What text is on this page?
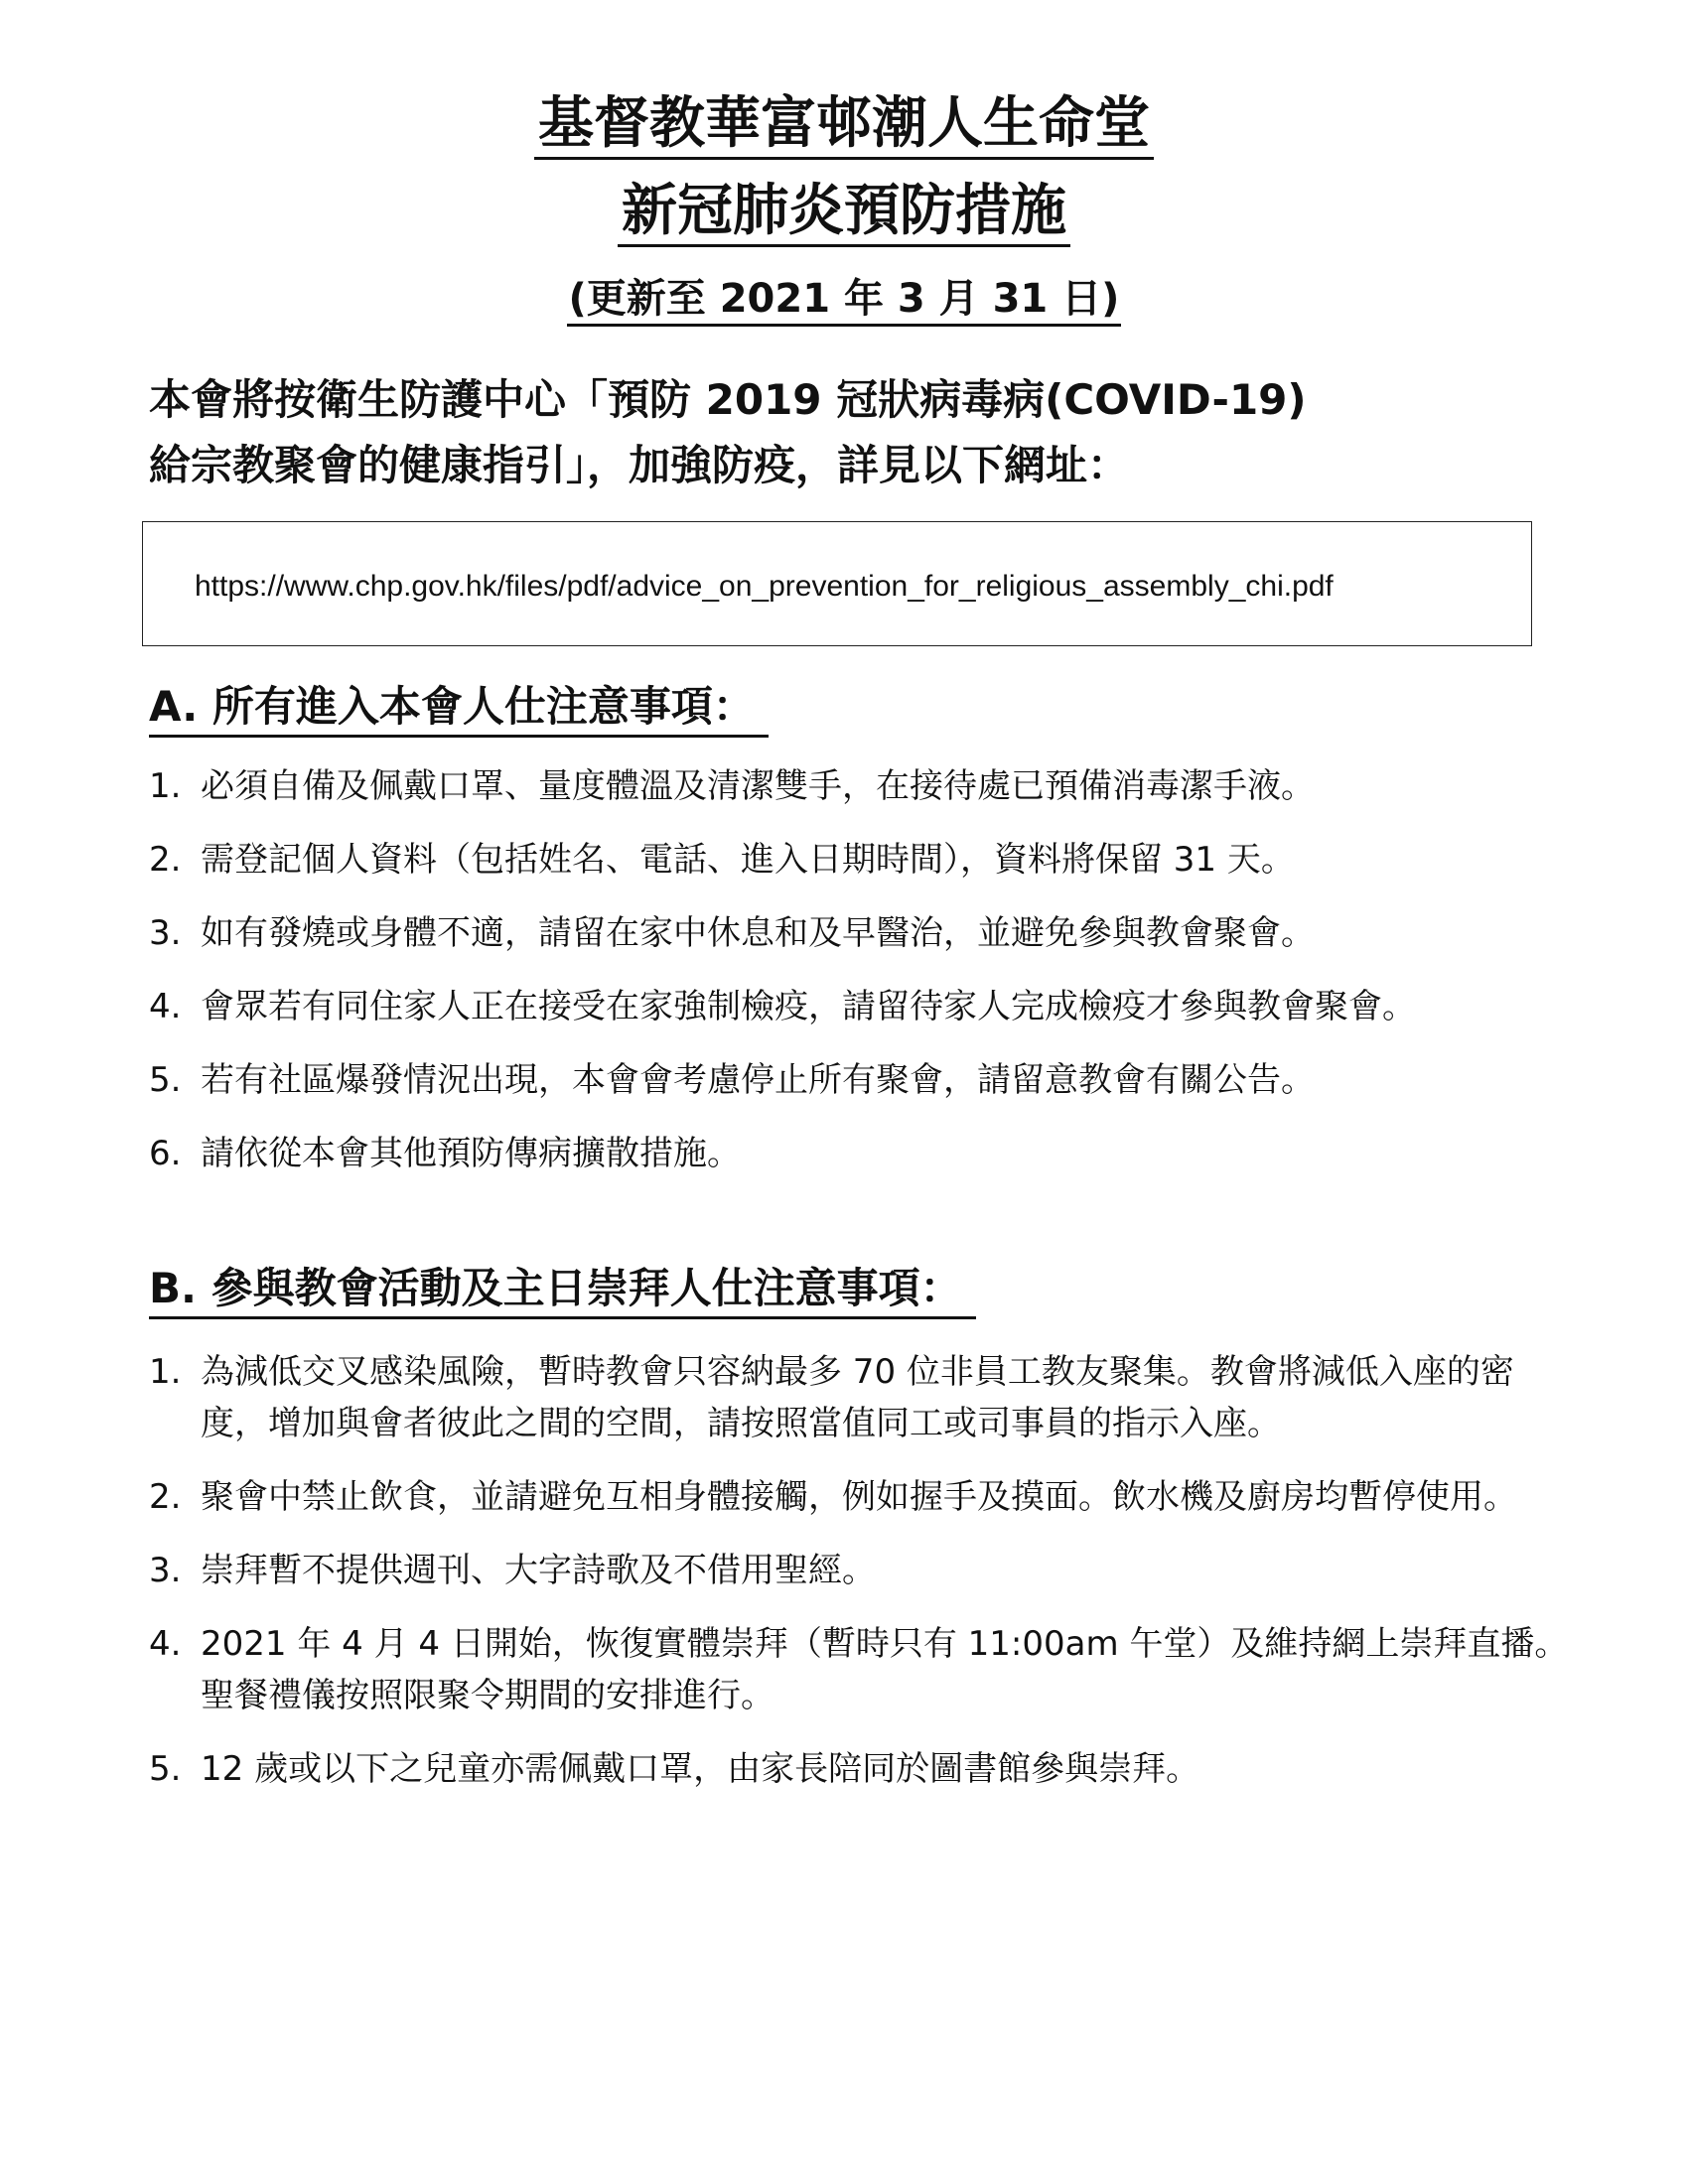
基督教華富邨潮人生命堂
新冠肺炎預防措施
(更新至 2021 年 3 月 31 日)
本會將按衛生防護中心「預防 2019 冠狀病毒病(COVID-19)
給宗教聚會的健康指引」，加強防疫，詳見以下網址：
https://www.chp.gov.hk/files/pdf/advice_on_prevention_for_religious_assembly_chi.pdf
A. 所有進入本會人仕注意事項：
1. 必須自備及佩戴口罩、量度體溫及清潔雙手，在接待處已預備消毒潔手液。
2. 需登記個人資料（包括姓名、電話、進入日期時間），資料將保留 31 天。
3. 如有發燒或身體不適，請留在家中休息和及早醫治，並避免參與教會聚會。
4. 會眾若有同住家人正在接受在家強制檢疫，請留待家人完成檢疫才參與教會聚會。
5. 若有社區爆發情況出現，本會會考慮停止所有聚會，請留意教會有關公告。
6. 請依從本會其他預防傳病擴散措施。
B. 參與教會活動及主日崇拜人仕注意事項：
1. 為減低交叉感染風險，暫時教會只容納最多 70 位非員工教友聚集。教會將減低入座的密度，增加與會者彼此之間的空間，請按照當值同工或司事員的指示入座。
2. 聚會中禁止飲食，並請避免互相身體接觸，例如握手及摸面。飲水機及廚房均暫停使用。
3. 崇拜暫不提供週刊、大字詩歌及不借用聖經。
4. 2021 年 4 月 4 日開始，恢復實體崇拜（暫時只有 11:00am 午堂）及維持網上崇拜直播。聖餐禮儀按照限聚令期間的安排進行。
5. 12 歲或以下之兒童亦需佩戴口罩，由家長陪同於圖書館參與崇拜。
